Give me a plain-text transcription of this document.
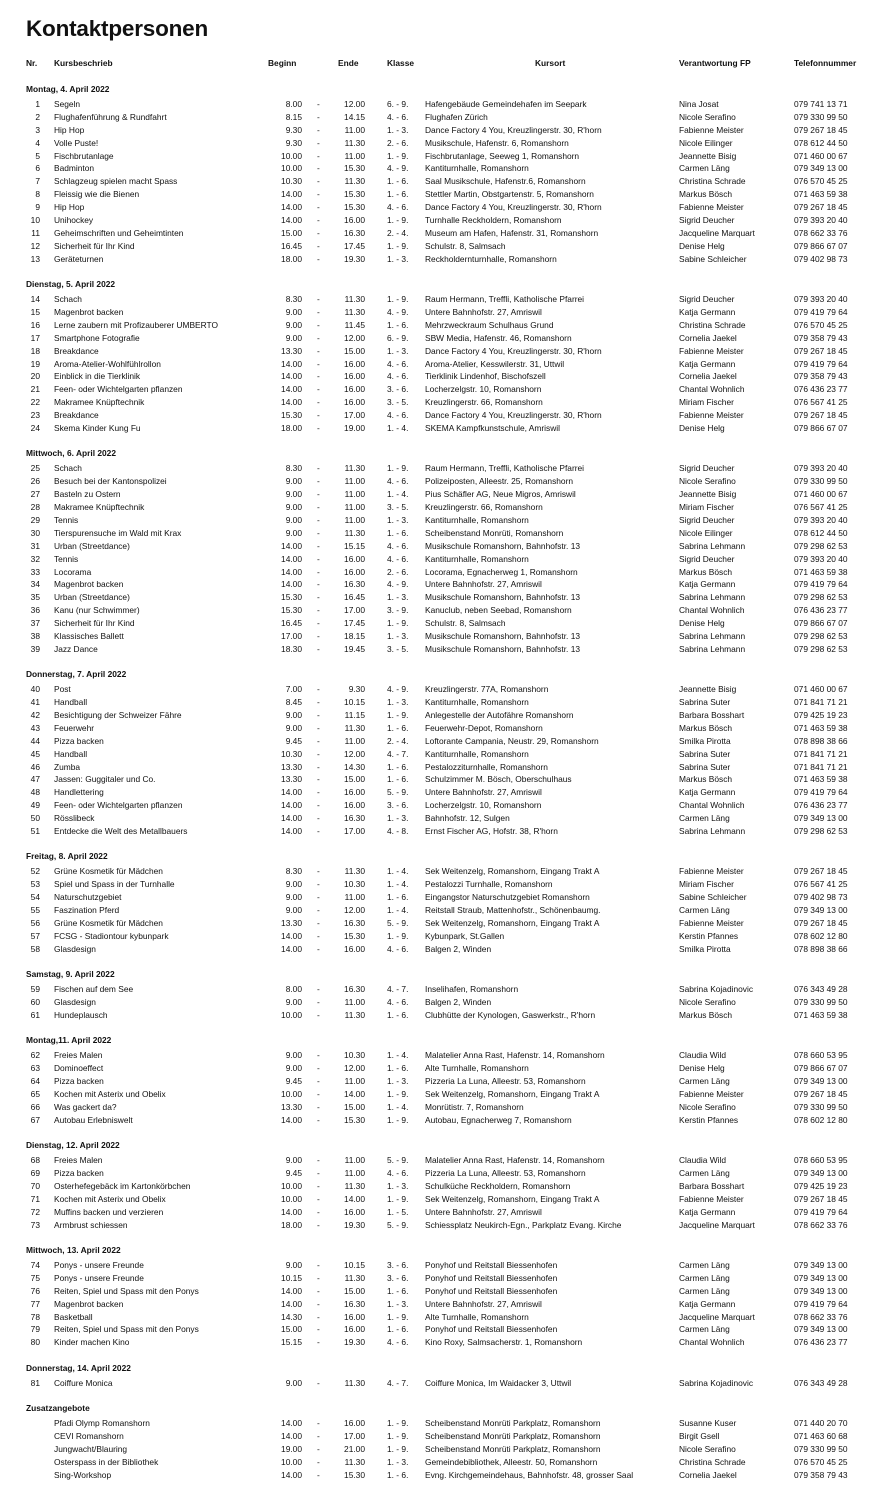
Kontaktpersonen
Nr. Kursbeschrieb	Beginn	Ende	Klasse	Kursort	Verantwortung FP	Telefonnummer
Montag, 4. April 2022
1 Segeln	8.00 -	12.00	6. - 9. Hafengebäude Gemeindehafen im Seepark	Nina Josat	079 741 13 71
2 Flughafenführung & Rundfahrt	8.15 -	14.15	4. - 6. Flughafen Zürich	Nicole Serafino	079 330 99 50
3 Hip Hop	9.30 -	11.00	1. - 3. Dance Factory 4 You, Kreuzlingerstr. 30, R'horn	Fabienne Meister	079 267 18 45
4 Volle Puste!	9.30 -	11.30	2. - 6. Musikschule, Hafenstr. 6, Romanshorn	Nicole Eilinger	078 612 44 50
5 Fischbrutanlage	10.00 -	11.00	1. - 9. Fischbrutanlage, Seeweg 1, Romanshorn	Jeannette Bisig	071 460 00 67
6 Badminton	10.00 -	15.30	4. - 9. Kantiturnhalle, Romanshorn	Carmen Läng	079 349 13 00
7 Schlagzeug spielen macht Spass	10.30 -	11.30	1. - 6. Saal Musikschule, Hafenstr.6, Romanshorn	Christina Schrade	076 570 45 25
8 Fleissig wie die Bienen	14.00 -	15.30	1. - 6. Stettler Martin, Obstgartenstr. 5, Romanshorn	Markus Bösch	071 463 59 38
9 Hip Hop	14.00 -	15.30	4. - 6. Dance Factory 4 You, Kreuzlingerstr. 30, R'horn	Fabienne Meister	079 267 18 45
10 Unihockey	14.00 -	16.00	1. - 9. Turnhalle Reckholdern, Romanshorn	Sigrid Deucher	079 393 20 40
11 Geheimschriften und Geheimtinten	15.00 -	16.30	2. - 4. Museum am Hafen, Hafenstr. 31, Romanshorn	Jacqueline Marquart	078 662 33 76
12 Sicherheit für Ihr Kind	16.45 -	17.45	1. - 9. Schulstr. 8, Salmsach	Denise Helg	079 866 67 07
13 Geräteturnen	18.00 -	19.30	1. - 3. Reckholdernturnhalle, Romanshorn	Sabine Schleicher	079 402 98 73
Dienstag, 5. April 2022
14 Schach	8.30 -	11.30	1. - 9. Raum Hermann, Treffli, Katholische Pfarrei	Sigrid Deucher	079 393 20 40
15 Magenbrot backen	9.00 -	11.30	4. - 9. Untere Bahnhofstr. 27, Amriswil	Katja Germann	079 419 79 64
16 Lerne zaubern mit Profizauberer UMBERTO	9.00 -	11.45	1. - 6. Mehrzweckraum Schulhaus Grund	Christina Schrade	076 570 45 25
17 Smartphone Fotografie	9.00 -	12.00	6. - 9. SBW Media, Hafenstr. 46, Romanshorn	Cornelia Jaekel	079 358 79 43
18 Breakdance	13.30 -	15.00	1. - 3. Dance Factory 4 You, Kreuzlingerstr. 30, R'horn	Fabienne Meister	079 267 18 45
19 Aroma-Atelier-Wohlfühlrollon	14.00 -	16.00	4. - 6. Aroma-Atelier, Kesswilerstr. 31, Uttwil	Katja Germann	079 419 79 64
20 Einblick in die Tierklinik	14.00 -	16.00	4. - 6. Tierklinik Lindenhof, Bischofszell	Cornelia Jaekel	079 358 79 43
21 Feen- oder Wichtelgarten pflanzen	14.00 -	16.00	3. - 6. Locherzelgstr. 10, Romanshorn	Chantal Wohnlich	076 436 23 77
22 Makramee Knüpftechnik	14.00 -	16.00	3. - 5. Kreuzlingerstr. 66, Romanshorn	Miriam Fischer	076 567 41 25
23 Breakdance	15.30 -	17.00	4. - 6. Dance Factory 4 You, Kreuzlingerstr. 30, R'horn	Fabienne Meister	079 267 18 45
24 Skema Kinder Kung Fu	18.00 -	19.00	1. - 4. SKEMA Kampfkunstschule, Amriswil	Denise Helg	079 866 67 07
Mittwoch, 6. April 2022
25 Schach	8.30 -	11.30	1. - 9. Raum Hermann, Treffli, Katholische Pfarrei	Sigrid Deucher	079 393 20 40
26 Besuch bei der Kantonspolizei	9.00 -	11.00	4. - 6. Polizeiposten, Alleestr. 25, Romanshorn	Nicole Serafino	079 330 99 50
27 Basteln zu Ostern	9.00 -	11.00	1. - 4. Pius Schäfler AG, Neue Migros, Amriswil	Jeannette Bisig	071 460 00 67
28 Makramee Knüpftechnik	9.00 -	11.00	3. - 5. Kreuzlingerstr. 66, Romanshorn	Miriam Fischer	076 567 41 25
29 Tennis	9.00 -	11.00	1. - 3. Kantiturnhalle, Romanshorn	Sigrid Deucher	079 393 20 40
30 Tierspurensuche im Wald mit Krax	9.00 -	11.30	1. - 6. Scheibenstand Monrüti, Romanshorn	Nicole Eilinger	078 612 44 50
31 Urban (Streetdance)	14.00 -	15.15	4. - 6. Musikschule Romanshorn, Bahnhofstr. 13	Sabrina Lehmann	079 298 62 53
32 Tennis	14.00 -	16.00	4. - 6. Kantiturnhalle, Romanshorn	Sigrid Deucher	079 393 20 40
33 Locorama	14.00 -	16.00	2. - 6. Locorama, Egnacherweg 1, Romanshorn	Markus Bösch	071 463 59 38
34 Magenbrot backen	14.00 -	16.30	4. - 9. Untere Bahnhofstr. 27, Amriswil	Katja Germann	079 419 79 64
35 Urban (Streetdance)	15.30 -	16.45	1. - 3. Musikschule Romanshorn, Bahnhofstr. 13	Sabrina Lehmann	079 298 62 53
36 Kanu (nur Schwimmer)	15.30 -	17.00	3. - 9. Kanuclub, neben Seebad, Romanshorn	Chantal Wohnlich	076 436 23 77
37 Sicherheit für Ihr Kind	16.45 -	17.45	1. - 9. Schulstr. 8, Salmsach	Denise Helg	079 866 67 07
38 Klassisches Ballett	17.00 -	18.15	1. - 3. Musikschule Romanshorn, Bahnhofstr. 13	Sabrina Lehmann	079 298 62 53
39 Jazz Dance	18.30 -	19.45	3. - 5. Musikschule Romanshorn, Bahnhofstr. 13	Sabrina Lehmann	079 298 62 53
Donnerstag, 7. April 2022
40 Post	7.00 -	9.30	4. - 9. Kreuzlingerstr. 77A, Romanshorn	Jeannette Bisig	071 460 00 67
41 Handball	8.45 -	10.15	1. - 3. Kantiturnhalle, Romanshorn	Sabrina Suter	071 841 71 21
42 Besichtigung der Schweizer Fähre	9.00 -	11.15	1. - 9. Anlegestelle der Autofähre Romanshorn	Barbara Bosshart	079 425 19 23
43 Feuerwehr	9.00 -	11.30	1. - 6. Feuerwehr-Depot, Romanshorn	Markus Bösch	071 463 59 38
44 Pizza backen	9.45 -	11.00	2. - 4. Loftorante Campania, Neustr. 29, Romanshorn	Smilka Pirotta	078 898 38 66
45 Handball	10.30 -	12.00	4. - 7. Kantiturnhalle, Romanshorn	Sabrina Suter	071 841 71 21
46 Zumba	13.30 -	14.30	1. - 6. Pestalozziturnhalle, Romanshorn	Sabrina Suter	071 841 71 21
47 Jassen: Guggitaler und Co.	13.30 -	15.00	1. - 6. Schulzimmer M. Bösch, Oberschulhaus	Markus Bösch	071 463 59 38
48 Handlettering	14.00 -	16.00	5. - 9. Untere Bahnhofstr. 27, Amriswil	Katja Germann	079 419 79 64
49 Feen- oder Wichtelgarten pflanzen	14.00 -	16.00	3. - 6. Locherzelgstr. 10, Romanshorn	Chantal Wohnlich	076 436 23 77
50 Rösslibeck	14.00 -	16.30	1. - 3. Bahnhofstr. 12, Sulgen	Carmen Läng	079 349 13 00
51 Entdecke die Welt des Metallbauers	14.00 -	17.00	4. - 8. Ernst Fischer AG, Hofstr. 38, R'horn	Sabrina Lehmann	079 298 62 53
Freitag, 8. April 2022
52 Grüne Kosmetik für Mädchen	8.30 -	11.30	1. - 4. Sek Weitenzelg, Romanshorn, Eingang Trakt A	Fabienne Meister	079 267 18 45
53 Spiel und Spass in der Turnhalle	9.00 -	10.30	1. - 4. Pestalozzi Turnhalle, Romanshorn	Miriam Fischer	076 567 41 25
54 Naturschutzgebiet	9.00 -	11.00	1. - 6. Eingangstor Naturschutzgebiet Romanshorn	Sabine Schleicher	079 402 98 73
55 Faszination Pferd	9.00 -	12.00	1. - 4. Reitstall Straub, Mattenhofstr., Schönenbaumg.	Carmen Läng	079 349 13 00
56 Grüne Kosmetik für Mädchen	13.30 -	16.30	5. - 9. Sek Weitenzelg, Romanshorn, Eingang Trakt A	Fabienne Meister	079 267 18 45
57 FCSG - Stadiontour kybunpark	14.00 -	15.30	1. - 9. Kybunpark, St.Gallen	Kerstin Pfannes	078 602 12 80
58 Glasdesign	14.00 -	16.00	4. - 6. Balgen 2, Winden	Smilka Pirotta	078 898 38 66
Samstag, 9. April 2022
59 Fischen auf dem See	8.00 -	16.30	4. - 7. Inselihafen, Romanshorn	Sabrina Kojadinovic	076 343 49 28
60 Glasdesign	9.00 -	11.00	4. - 6. Balgen 2, Winden	Nicole Serafino	079 330 99 50
61 Hundeplausch	10.00 -	11.30	1. - 6. Clubhütte der Kynologen, Gaswerkstr., R'horn	Markus Bösch	071 463 59 38
Montag,11. April 2022
62 Freies Malen	9.00 -	10.30	1. - 4. Malatelier Anna Rast, Hafenstr. 14, Romanshorn	Claudia Wild	078 660 53 95
63 Dominoeffect	9.00 -	12.00	1. - 6. Alte Turnhalle, Romanshorn	Denise Helg	079 866 67 07
64 Pizza backen	9.45 -	11.00	1. - 3. Pizzeria La Luna, Alleestr. 53, Romanshorn	Carmen Läng	079 349 13 00
65 Kochen mit Asterix und Obelix	10.00 -	14.00	1. - 9. Sek Weitenzelg, Romanshorn, Eingang Trakt A	Fabienne Meister	079 267 18 45
66 Was gackert da?	13.30 -	15.00	1. - 4. Monrütistr. 7, Romanshorn	Nicole Serafino	079 330 99 50
67 Autobau Erlebniswelt	14.00 -	15.30	1. - 9. Autobau, Egnacherweg 7, Romanshorn	Kerstin Pfannes	078 602 12 80
Dienstag, 12. April 2022
68 Freies Malen	9.00 -	11.00	5. - 9. Malatelier Anna Rast, Hafenstr. 14, Romanshorn	Claudia Wild	078 660 53 95
69 Pizza backen	9.45 -	11.00	4. - 6. Pizzeria La Luna, Alleestr. 53, Romanshorn	Carmen Läng	079 349 13 00
70 Osterhefegebäck im Kartonkörbchen	10.00 -	11.30	1. - 3. Schulküche Reckholdern, Romanshorn	Barbara Bosshart	079 425 19 23
71 Kochen mit Asterix und Obelix	10.00 -	14.00	1. - 9. Sek Weitenzelg, Romanshorn, Eingang Trakt A	Fabienne Meister	079 267 18 45
72 Muffins backen und verzieren	14.00 -	16.00	1. - 5. Untere Bahnhofstr. 27, Amriswil	Katja Germann	079 419 79 64
73 Armbrust schiessen	18.00 -	19.30	5. - 9. Schiessplatz Neukirch-Egn., Parkplatz Evang. Kirche	Jacqueline Marquart	078 662 33 76
Mittwoch, 13. April 2022
74 Ponys - unsere Freunde	9.00 -	10.15	3. - 6. Ponyhof und Reitstall Biessenhofen	Carmen Läng	079 349 13 00
75 Ponys - unsere Freunde	10.15 -	11.30	3. - 6. Ponyhof und Reitstall Biessenhofen	Carmen Läng	079 349 13 00
76 Reiten, Spiel und Spass mit den Ponys	14.00 -	15.00	1. - 6. Ponyhof und Reitstall Biessenhofen	Carmen Läng	079 349 13 00
77 Magenbrot backen	14.00 -	16.30	1. - 3. Untere Bahnhofstr. 27, Amriswil	Katja Germann	079 419 79 64
78 Basketball	14.30 -	16.00	1. - 9. Alte Turnhalle, Romanshorn	Jacqueline Marquart	078 662 33 76
79 Reiten, Spiel und Spass mit den Ponys	15.00 -	16.00	1. - 6. Ponyhof und Reitstall Biessenhofen	Carmen Läng	079 349 13 00
80 Kinder machen Kino	15.15 -	19.30	4. - 6. Kino Roxy, Salmsacherstr. 1, Romanshorn	Chantal Wohnlich	076 436 23 77
Donnerstag, 14. April 2022
81 Coiffure Monica	9.00 -	11.30	4. - 7. Coiffure Monica, Im Waidacker 3, Uttwil	Sabrina Kojadinovic	076 343 49 28
Zusatzangebote
Pfadi Olymp Romanshorn	14.00 -	16.00	1. - 9. Scheibenstand Monrüti Parkplatz, Romanshorn	Susanne Kuser	071 440 20 70
CEVI Romanshorn	14.00 -	17.00	1. - 9. Scheibenstand Monrüti Parkplatz, Romanshorn	Birgit Gsell	071 463 60 68
Jungwacht/Blauring	19.00 -	21.00	1. - 9. Scheibenstand Monrüti Parkplatz, Romanshorn	Nicole Serafino	079 330 99 50
Osterspass in der Bibliothek	10.00 -	11.30	1. - 3. Gemeindebibliothek, Alleestr. 50, Romanshorn	Christina Schrade	076 570 45 25
Sing-Workshop	14.00 -	15.30	1. - 6. Evng. Kirchgemeindehaus, Bahnhofstr. 48, grosser Saal	Cornelia Jaekel	079 358 79 43
